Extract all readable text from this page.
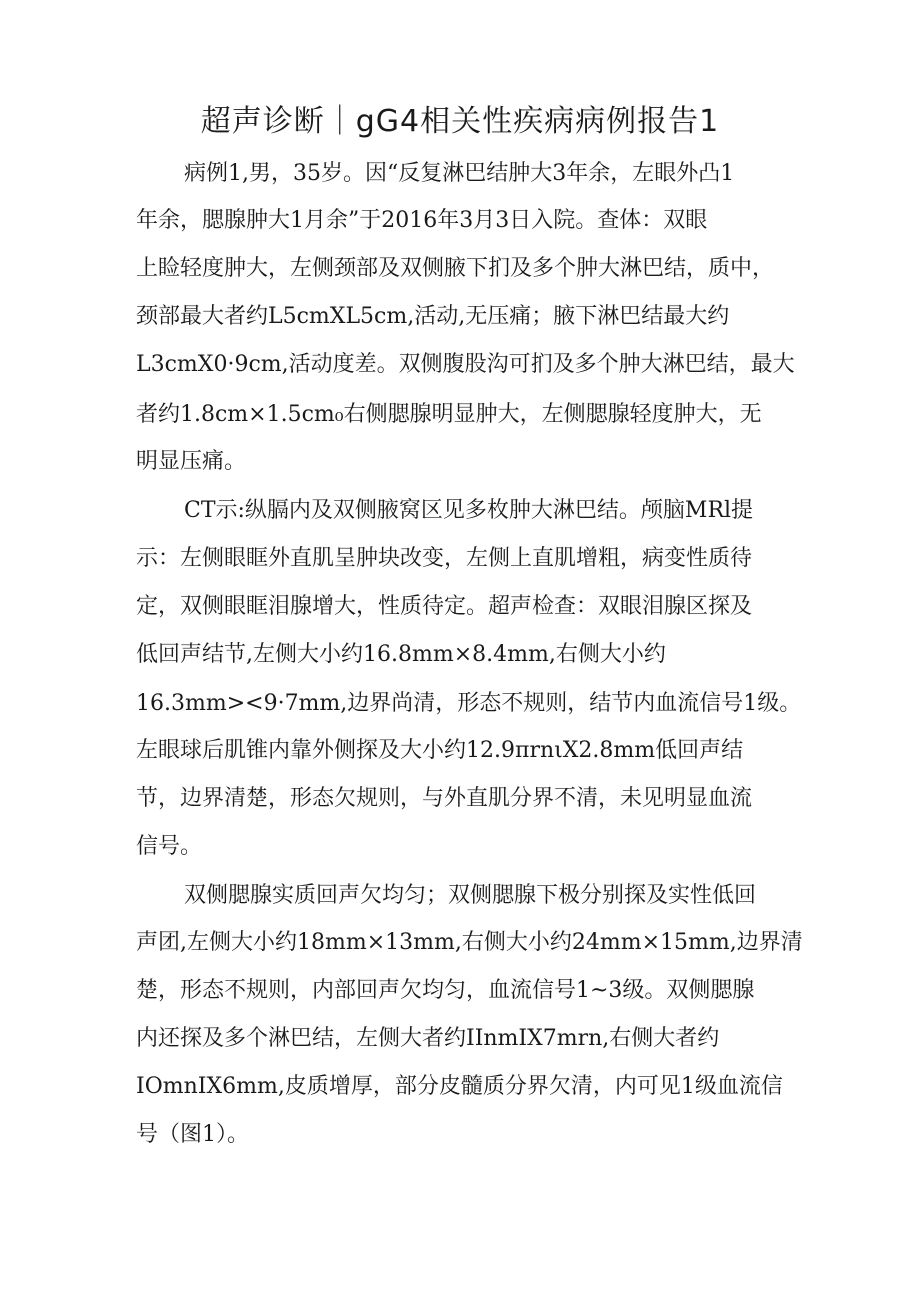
超声诊断｜gG4相关性疾病病例报告1
病例1,男，35岁。因“反复淋巴结肿大3年余，左眼外凸1
年余，腮腺肿大1月余”于2016年3月3日入院。查体：双眼
上睑轻度肿大，左侧颈部及双侧腋下扪及多个肿大淋巴结，质中，
颈部最大者约L5cmXL5cm,活动,无压痛；腋下淋巴结最大约
L3cmX0·9cm,活动度差。双侧腹股沟可扪及多个肿大淋巴结，最大
者约1.8cm×1.5cm₀右侧腮腺明显肿大，左侧腮腺轻度肿大，无
明显压痛。
CT示:纵膈内及双侧腋窝区见多枚肿大淋巴结。颅脑MRl提
示：左侧眼眶外直肌呈肿块改变，左侧上直肌增粗，病变性质待
定，双侧眼眶泪腺增大，性质待定。超声检查：双眼泪腺区探及
低回声结节,左侧大小约16.8mm×8.4mm,右侧大小约
16.3mm><9·7mm,边界尚清，形态不规则，结节内血流信号1级。
左眼球后肌锥内靠外侧探及大小约12.9πrnιX2.8mm低回声结
节，边界清楚，形态欠规则，与外直肌分界不清，未见明显血流
信号。
双侧腮腺实质回声欠均匀；双侧腮腺下极分别探及实性低回
声团,左侧大小约18mm×13mm,右侧大小约24mm×15mm,边界清
楚，形态不规则，内部回声欠均匀，血流信号1~3级。双侧腮腺
内还探及多个淋巴结，左侧大者约IInmIX7mrn,右侧大者约
IOmnIX6mm,皮质增厚，部分皮髓质分界欠清，内可见1级血流信
号（图1）。
